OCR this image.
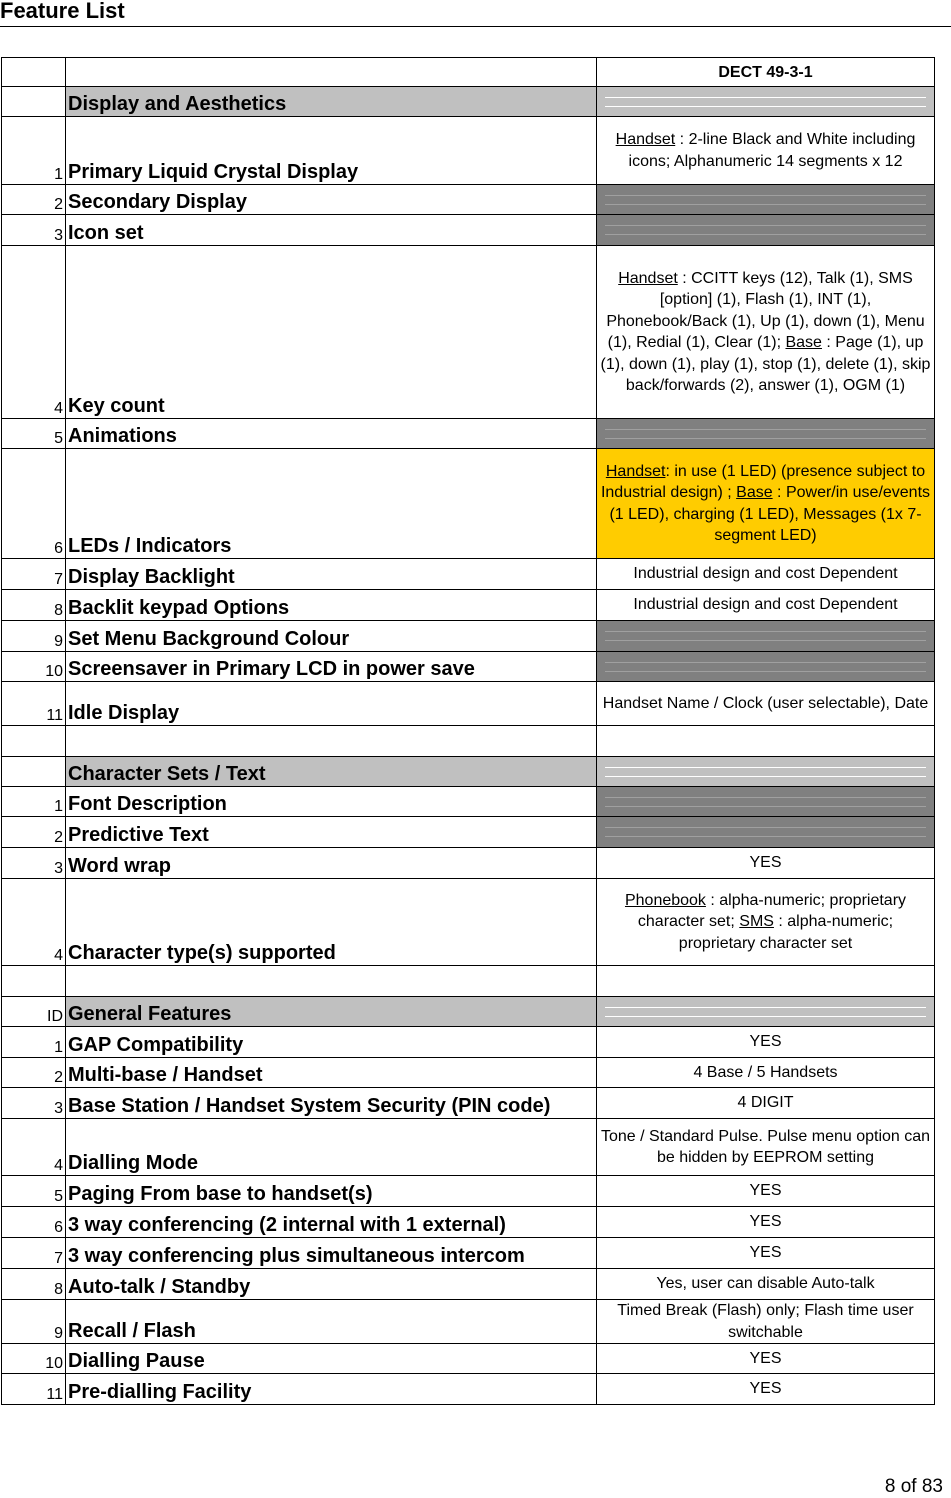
Feature List
		DECT 49-3-1
	Display and Aesthetics	

1	Primary Liquid Crystal Display	Handset : 2-line Black and White including icons; Alphanumeric 14 segments x 12
2	Secondary Display	

3	Icon set	

4	Key count	Handset : CCITT keys (12), Talk (1), SMS [option] (1), Flash (1), INT (1), Phonebook/Back (1), Up (1), down (1), Menu (1), Redial (1), Clear (1); Base : Page (1), up (1), down (1), play (1), stop (1), delete (1), skip back/forwards (2), answer (1), OGM (1)
5	Animations	

6	LEDs / Indicators	Handset: in use (1 LED) (presence subject to Industrial design) ; Base : Power/in use/events (1 LED), charging (1 LED), Messages (1x 7-segment LED)
7	Display Backlight	Industrial design and cost Dependent
8	Backlit keypad Options	Industrial design and cost Dependent
9	Set Menu Background Colour	

10	Screensaver in Primary LCD in power save	

11	Idle Display	Handset Name / Clock (user selectable), Date

	Character Sets / Text	

1	Font Description	

2	Predictive Text	

3	Word wrap	YES
4	Character type(s) supported	Phonebook : alpha-numeric; proprietary character set; SMS : alpha-numeric; proprietary character set

ID	General Features	

1	GAP Compatibility	YES
2	Multi-base / Handset	4 Base / 5 Handsets
3	Base Station / Handset System Security (PIN code)	4 DIGIT
4	Dialling Mode	Tone / Standard Pulse. Pulse menu option can be hidden by EEPROM setting
5	Paging From base to handset(s)	YES
6	3 way conferencing (2 internal with 1 external)	YES
7	3 way conferencing plus simultaneous intercom	YES
8	Auto-talk / Standby	Yes, user can disable Auto-talk
9	Recall / Flash	Timed Break (Flash) only; Flash time user switchable
10	Dialling Pause	YES
11	Pre-dialling Facility	YES
8 of 83
